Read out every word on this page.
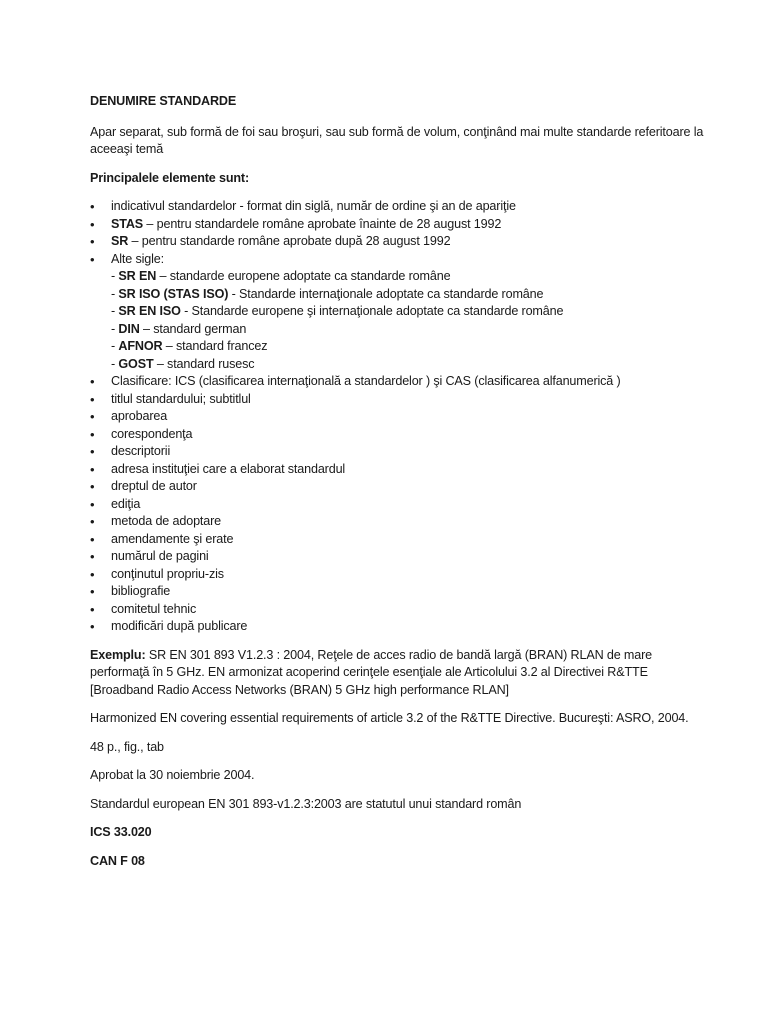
DENUMIRE STANDARDE

Apar separat, sub formă de foi sau broşuri, sau sub formă de volum, conţinând mai multe standarde referitoare la aceeaşi temă

Principalele elemente sunt:

• indicativul standardelor - format din siglă, număr de ordine şi an de apariţie
• STAS – pentru standardele române aprobate înainte de 28 august 1992
• SR – pentru standarde române aprobate după 28 august 1992
• Alte sigle:
- SR EN – standarde europene adoptate ca standarde române
- SR ISO (STAS ISO) - Standarde internaţionale adoptate ca standarde române
- SR EN ISO - Standarde europene şi internaţionale adoptate ca standarde române
- DIN – standard german
- AFNOR – standard francez
- GOST – standard rusesc
• Clasificare: ICS (clasificarea internaţională a standardelor ) şi CAS (clasificarea alfanumerică )
• titlul standardului; subtitlul
• aprobarea
• corespondenţa
• descriptorii
• adresa instituţiei care a elaborat standardul
• dreptul de autor
• ediţia
• metoda de adoptare
• amendamente şi erate
• numărul de pagini
• conţinutul propriu-zis
• bibliografie
• comitetul tehnic
• modificări după publicare

Exemplu: SR EN 301 893 V1.2.3 : 2004, Reţele de acces radio de bandă largă (BRAN) RLAN de mare performaţă în 5 GHz. EN armonizat acoperind cerinţele esenţiale ale Articolului 3.2 al Directivei R&TTE [Broadband Radio Access Networks (BRAN) 5 GHz high performance RLAN]

Harmonized EN covering essential requirements of article 3.2 of the R&TTE Directive. Bucureşti: ASRO, 2004.

48 p., fig., tab

Aprobat la 30 noiembrie 2004.

Standardul european EN 301 893-v1.2.3:2003 are statutul unui standard român

ICS 33.020

CAN F 08
